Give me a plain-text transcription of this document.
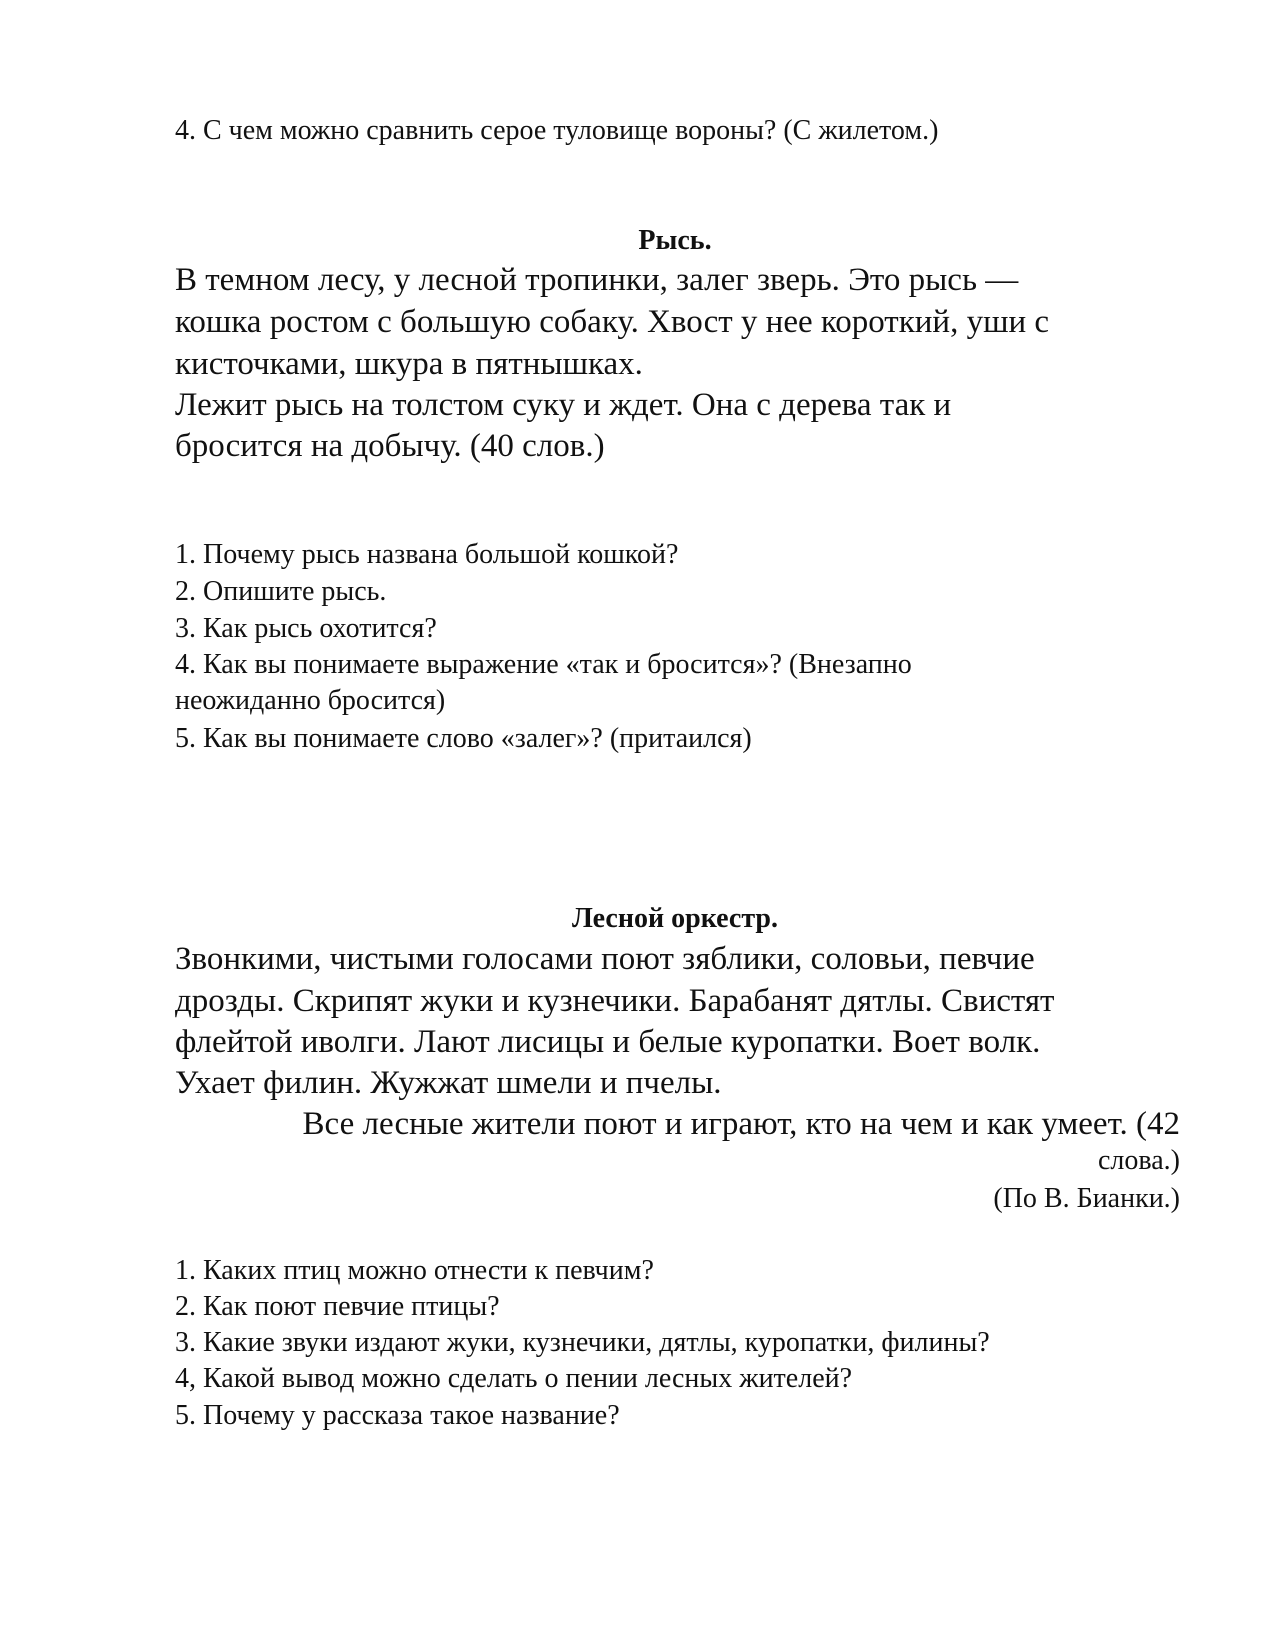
4. С чем можно сравнить серое туловище вороны? (С жилетом.)
Рысь.
В темном лесу, у лесной тропинки, залег зверь. Это рысь —
кошка ростом с большую собаку. Хвост у нее короткий, уши с
кисточками, шкура в пятнышках.
Лежит рысь на толстом суку и ждет. Она с дерева так и
бросится на добычу. (40 слов.)
1. Почему рысь названа большой кошкой?
2. Опишите рысь.
3. Как рысь охотится?
4. Как вы понимаете выражение «так и бросится»? (Внезапно
неожиданно бросится)
5. Как вы понимаете слово «залег»? (притаился)
Лесной оркестр.
Звонкими, чистыми голосами поют зяблики, соловьи, певчие
дрозды. Скрипят жуки и кузнечики. Барабанят дятлы. Свистят
флейтой иволги. Лают лисицы и белые куропатки. Воет волк.
Ухает филин. Жужжат шмели и пчелы.
Все лесные жители поют и играют, кто на чем и как умеет. (42
слова.)
(По В. Бианки.)
1. Каких птиц можно отнести к певчим?
2. Как поют певчие птицы?
3. Какие звуки издают жуки, кузнечики, дятлы, куропатки, филины?
4, Какой вывод можно сделать о пении лесных жителей?
5. Почему у рассказа такое название?
